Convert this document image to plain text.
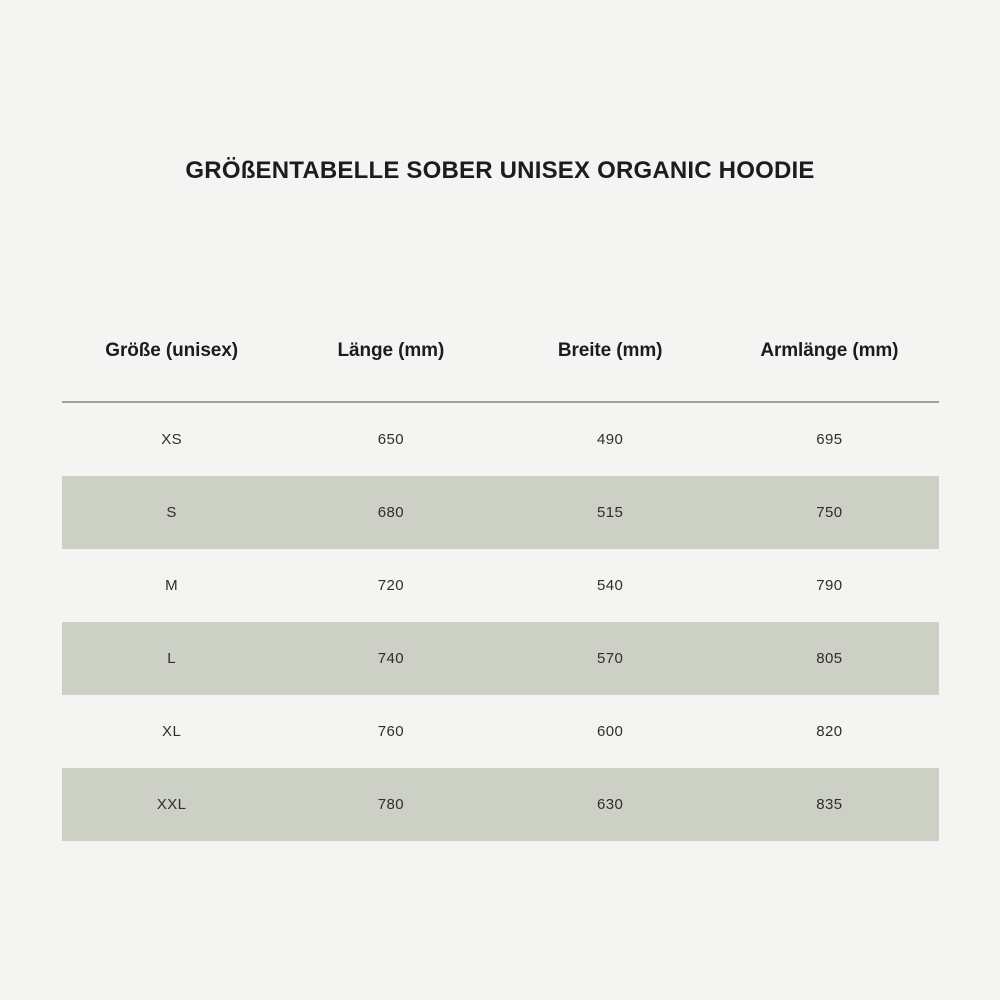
GRÖßENTABELLE SOBER UNISEX ORGANIC HOODIE
Größe (unisex)	Länge (mm)	Breite (mm)	Armlänge (mm)
XS	650	490	695
S	680	515	750
M	720	540	790
L	740	570	805
XL	760	600	820
XXL	780	630	835
